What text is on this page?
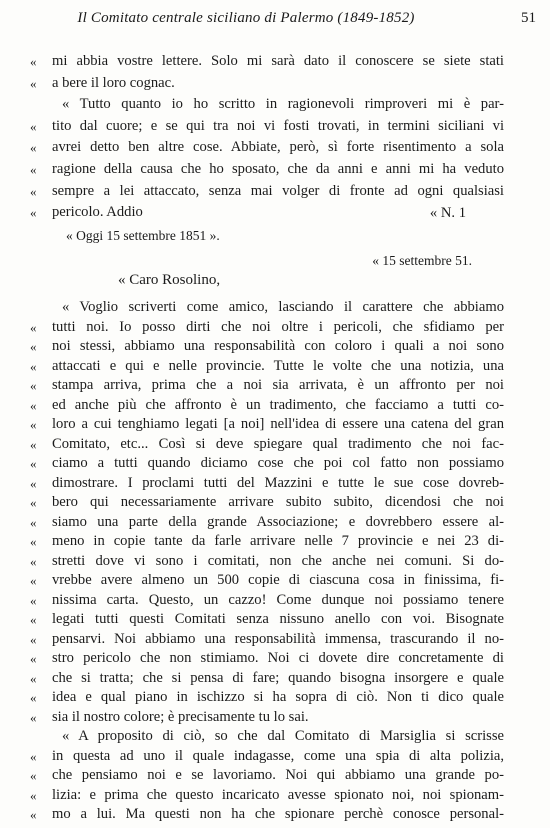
Il Comitato centrale siciliano di Palermo (1849-1852)	51
« mi abbia vostre lettere. Solo mi sarà dato il conoscere se siete stati
« a bere il loro cognac.
« Tutto quanto io ho scritto in ragionevoli rimproveri mi è par-
« tito dal cuore; e se qui tra noi vi fosti trovati, in termini siciliani vi
« avrei detto ben altre cose. Abbiate, però, sì forte risentimento a sola
« ragione della causa che ho sposato, che da anni e anni mi ha veduto
« sempre a lei attaccato, senza mai volger di fronte ad ogni qualsiasi
« pericolo. Addio	« N. 1
« Oggi 15 settembre 1851 ».
« 15 settembre 51.
« Caro Rosolino,
« Voglio scriverti come amico, lasciando il carattere che abbiamo
« tutti noi. Io posso dirti che noi oltre i pericoli, che sfidiamo per
« noi stessi, abbiamo una responsabilità con coloro i quali a noi sono
« attaccati e qui e nelle provincie. Tutte le volte che una notizia, una
« stampa arriva, prima che a noi sia arrivata, è un affronto per noi
« ed anche più che affronto è un tradimento, che facciamo a tutti co-
« loro a cui tenghiamo legati [a noi] nell'idea di essere una catena del gran
« Comitato, etc... Così si deve spiegare qual tradimento che noi fac-
« ciamo a tutti quando diciamo cose che poi col fatto non possiamo
« dimostrare. I proclami tutti del Mazzini e tutte le sue cose dovreb-
« bero qui necessariamente arrivare subito subito, dicendosi che noi
« siamo una parte della grande Associazione; e dovrebbero essere al-
« meno in copie tante da farle arrivare nelle 7 provincie e nei 23 di-
« stretti dove vi sono i comitati, non che anche nei comuni. Si do-
« vrebbe avere almeno un 500 copie di ciascuna cosa in finissima, fi-
« nissima carta. Questo, un cazzo! Come dunque noi possiamo tenere
« legati tutti questi Comitati senza nissuno anello con voi. Bisognate
« pensarvi. Noi abbiamo una responsabilità immensa, trascurando il no-
« stro pericolo che non stimiamo. Noi ci dovete dire concretamente di
« che si tratta; che si pensa di fare; quando bisogna insorgere e quale
« idea e qual piano in ischizzo si ha sopra di ciò. Non ti dico quale
« sia il nostro colore; è precisamente tu lo sai.
« A proposito di ciò, so che dal Comitato di Marsiglia si scrisse
« in questa ad uno il quale indagasse, come una spia di alta polizia,
« che pensiamo noi e se lavoriamo. Noi qui abbiamo una grande po-
« lizia: e prima che questo incaricato avesse spionato noi, noi spionam-
« mo a lui. Ma questi non ha che spionare perchè conosce personal-
